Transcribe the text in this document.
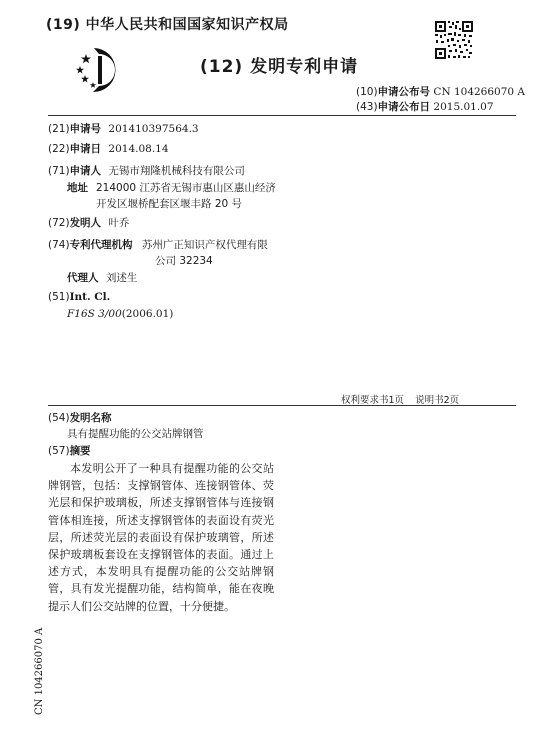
(19) 中华人民共和国国家知识产权局
(12) 发明专利申请
(10)申请公布号 CN 104266070 A
(43)申请公布日 2015.01.07
(21)申请号 201410397564.3
(22)申请日 2014.08.14
(71)申请人 无锡市翔隆机械科技有限公司
地址 214000 江苏省无锡市惠山区惠山经济
开发区堰桥配套区堰丰路 20 号
(72)发明人 叶乔
(74)专利代理机构 苏州广正知识产权代理有限
公司 32234
代理人 刘述生
(51)Int. Cl.
F16S 3/00(2006.01)
权利要求书1页 说明书2页
(54)发明名称
具有提醒功能的公交站牌钢管
(57)摘要
本发明公开了一种具有提醒功能的公交站牌钢管，包括：支撑钢管体、连接钢管体、荧光层和保护玻璃板，所述支撑钢管体与连接钢管体相连接，所述支撑钢管体的表面设有荧光层，所述荧光层的表面设有保护玻璃管，所述保护玻璃板套设在支撑钢管体的表面。通过上述方式，本发明具有提醒功能的公交站牌钢管，具有发光提醒功能，结构简单，能在夜晚提示人们公交站牌的位置，十分便捷。
CN 104266070 A
